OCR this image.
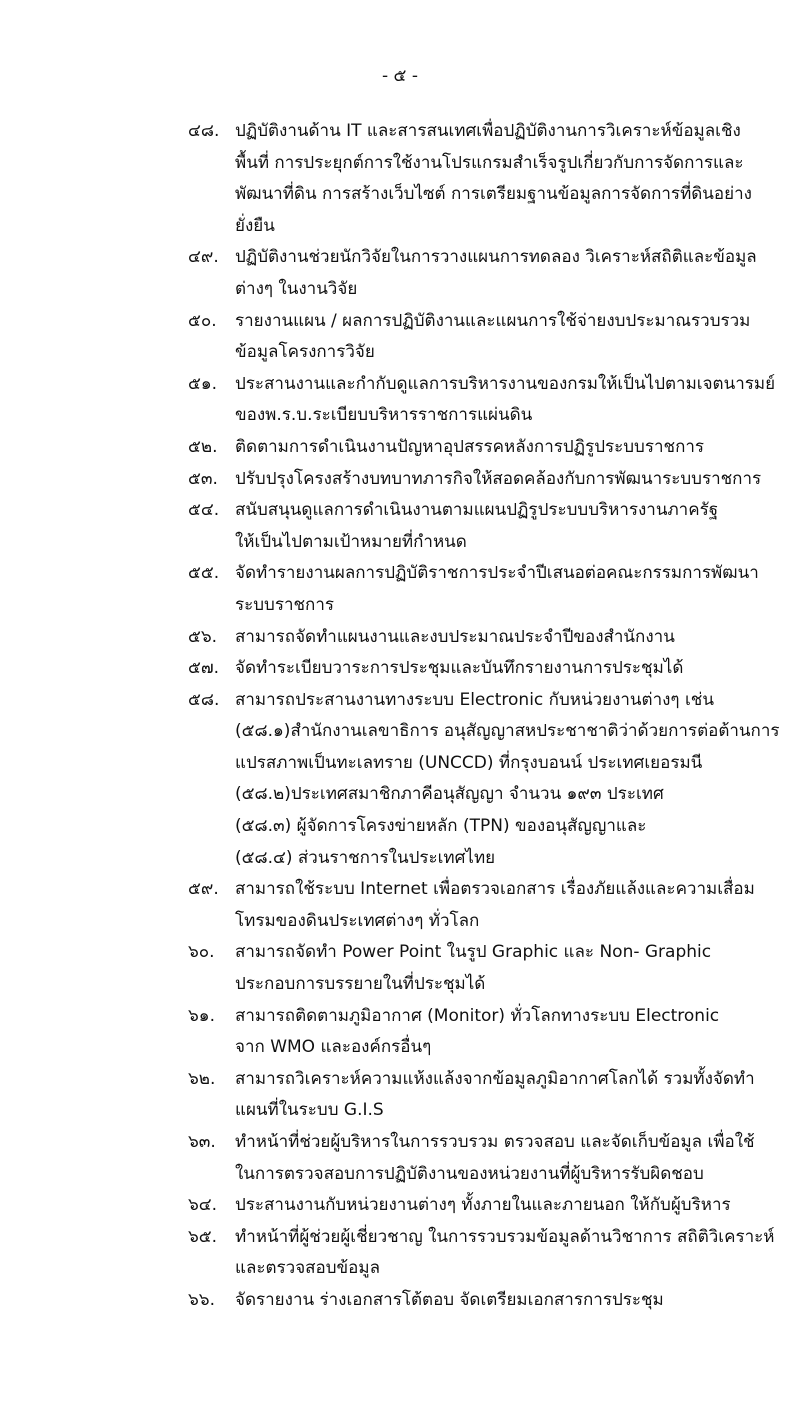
- ๕ -
๔๘. ปฏิบัติงานด้าน IT และสารสนเทศเพื่อปฏิบัติงานการวิเคราะห์ข้อมูลเชิง
พื้นที่ การประยุกต์การใช้งานโปรแกรมสำเร็จรูปเกี่ยวกับการจัดการและ
พัฒนาที่ดิน การสร้างเว็บไซต์ การเตรียมฐานข้อมูลการจัดการที่ดินอย่าง
ยั่งยืน
๔๙. ปฏิบัติงานช่วยนักวิจัยในการวางแผนการทดลอง วิเคราะห์สถิติและข้อมูล
ต่างๆ ในงานวิจัย
๕๐.	รายงานแผน / ผลการปฏิบัติงานและแผนการใช้จ่ายงบประมาณรวบรวม
ข้อมูลโครงการวิจัย
๕๑.	ประสานงานและกำกับดูแลการบริหารงานของกรมให้เป็นไปตามเจตนารมย์
ของพ.ร.บ.ระเบียบบริหารราชการแผ่นดิน
๕๒.	ติดตามการดำเนินงานปัญหาอุปสรรคหลังการปฏิรูประบบราชการ
๕๓.	ปรับปรุงโครงสร้างบทบาทภารกิจให้สอดคล้องกับการพัฒนาระบบราชการ
๕๔. สนับสนุนดูแลการดำเนินงานตามแผนปฏิรูประบบบริหารงานภาครัฐ
ให้เป็นไปตามเป้าหมายที่กำหนด
๕๕. จัดทำรายงานผลการปฏิบัติราชการประจำปีเสนอต่อคณะกรรมการพัฒนา
ระบบราชการ
๕๖.	สามารถจัดทำแผนงานและงบประมาณประจำปีของสำนักงาน
๕๗. จัดทำระเบียบวาระการประชุมและบันทึกรายงานการประชุมได้
๕๘. สามารถประสานงานทางระบบ Electronic กับหน่วยงานต่างๆ เช่น
(๕๘.๑)สำนักงานเลขาธิการ อนุสัญญาสหประชาชาติว่าด้วยการต่อต้านการ
แปรสภาพเป็นทะเลทราย (UNCCD) ที่กรุงบอนน์ ประเทศเยอรมนี
(๕๘.๒)ประเทศสมาชิกภาคีอนุสัญญา จำนวน ๑๙๓ ประเทศ
(๕๘.๓) ผู้จัดการโครงข่ายหลัก (TPN) ของอนุสัญญาและ
(๕๘.๔) ส่วนราชการในประเทศไทย
๕๙. สามารถใช้ระบบ Internet เพื่อตรวจเอกสาร เรื่องภัยแล้งและความเสื่อม
โทรมของดินประเทศต่างๆ ทั่วโลก
๖๐.	สามารถจัดทำ Power Point ในรูป Graphic และ Non- Graphic
ประกอบการบรรยายในที่ประชุมได้
๖๑.	สามารถติดตามภูมิอากาศ (Monitor) ทั่วโลกทางระบบ Electronic
จาก WMO และองค์กรอื่นๆ
๖๒.	สามารถวิเคราะห์ความแห้งแล้งจากข้อมูลภูมิอากาศโลกได้ รวมทั้งจัดทำ
แผนที่ในระบบ G.I.S
๖๓.	ทำหน้าที่ช่วยผู้บริหารในการรวบรวม ตรวจสอบ และจัดเก็บข้อมูล เพื่อใช้
ในการตรวจสอบการปฏิบัติงานของหน่วยงานที่ผู้บริหารรับผิดชอบ
๖๔.	ประสานงานกับหน่วยงานต่างๆ ทั้งภายในและภายนอก ให้กับผู้บริหาร
๖๕.	ทำหน้าที่ผู้ช่วยผู้เชี่ยวชาญ ในการรวบรวมข้อมูลด้านวิชาการ สถิติวิเคราะห์
และตรวจสอบข้อมูล
๖๖.	จัดรายงาน ร่างเอกสารโต้ตอบ จัดเตรียมเอกสารการประชุม
